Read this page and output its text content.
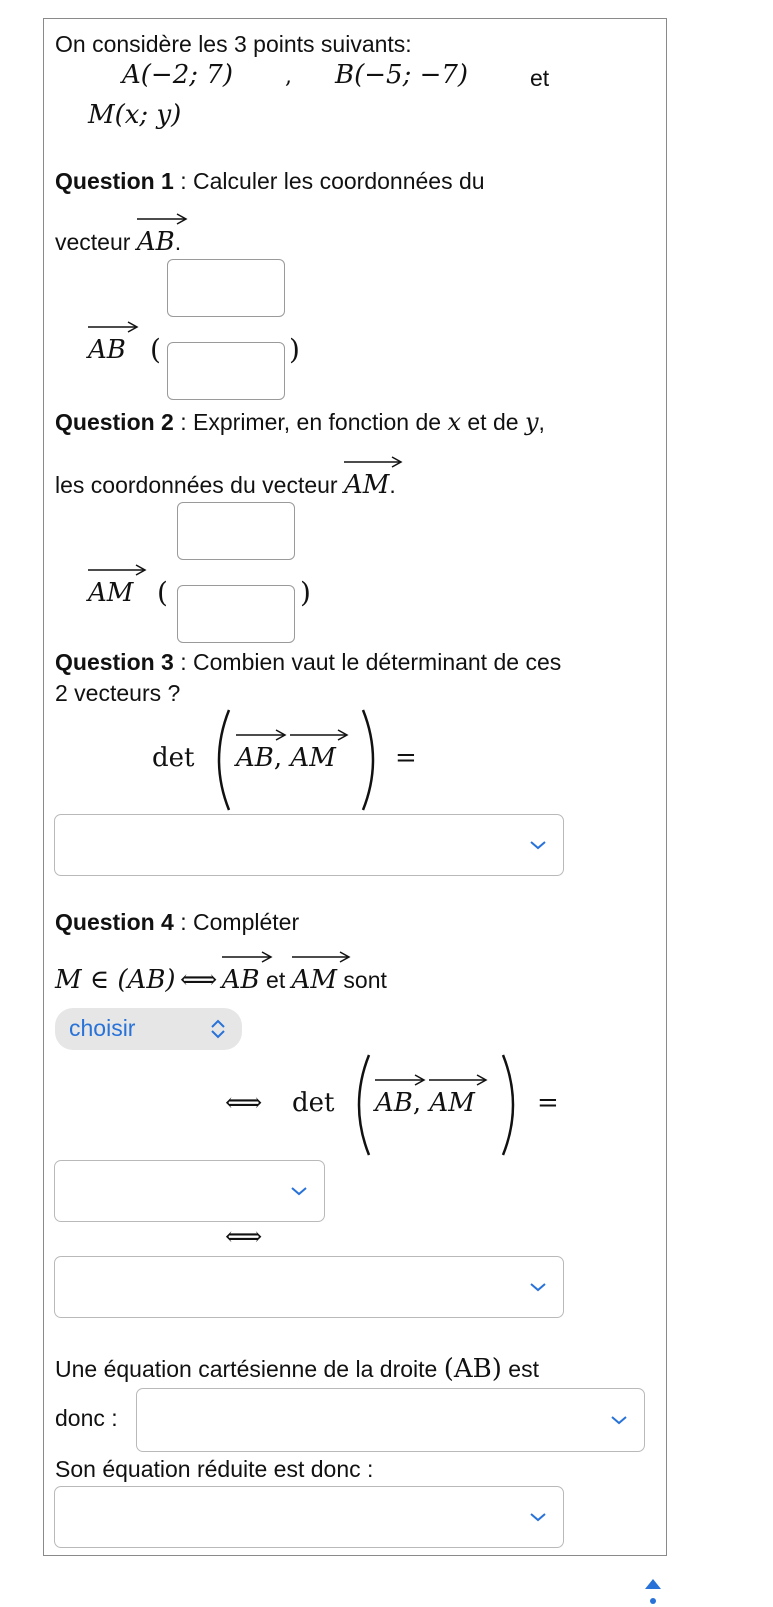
On considère les 3 points suivants:
A(−2; 7) , B(−5; −7)	et
M(x; y)
Question 1 : Calculer les coordonnées du
vecteur
AB.
AB (	)
Question 2 : Exprimer, en fonction de x et de y,
les coordonnées du vecteur
AM.
AM (	)
Question 3 : Combien vaut le déterminant de ces
2 vecteurs ?
det AB, AM =
Question 4 : Compléter
M ∈ (AB) ⟺ AB et
AM sont
choisir
⟺ det AB, AM =
⟺
Une équation cartésienne de la droite (AB) est
donc :
Son équation réduite est donc :
